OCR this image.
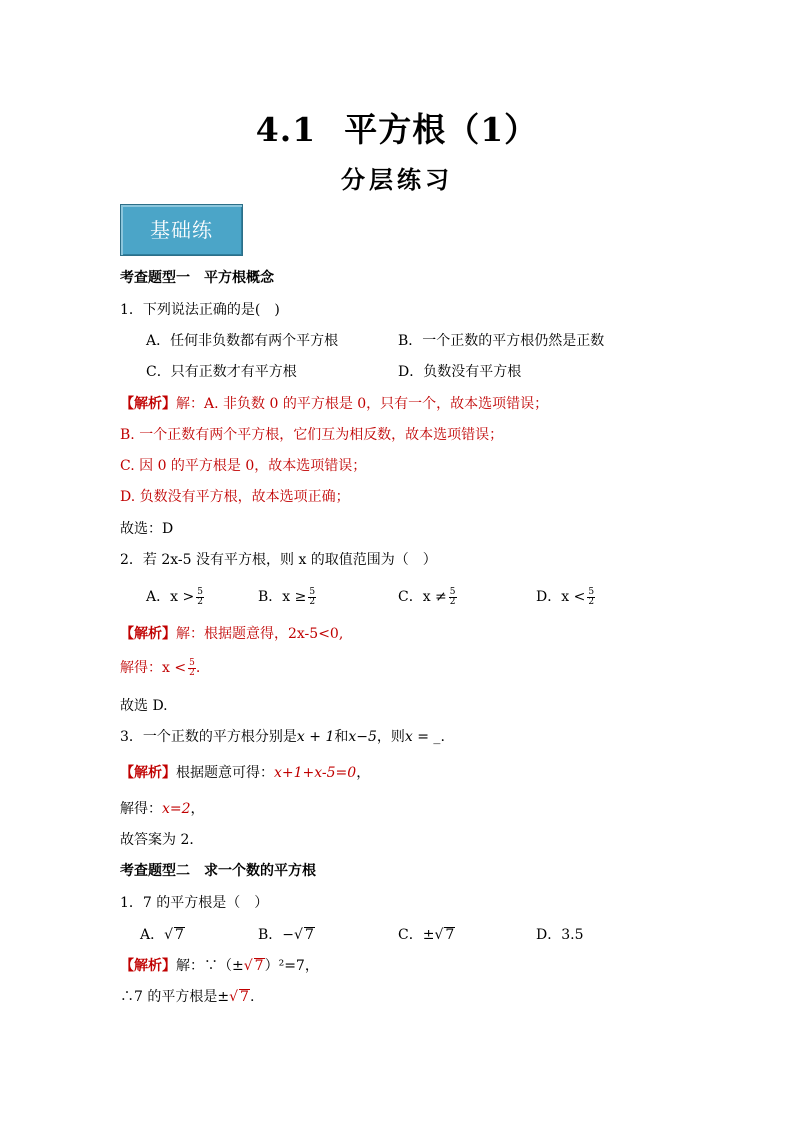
4.1 平方根（1）
分层练习
基础练
考查题型一　平方根概念
1．下列说法正确的是(　)
A．任何非负数都有两个平方根	B．一个正数的平方根仍然是正数
C．只有正数才有平方根	D．负数没有平方根
【解析】解：A. 非负数 0 的平方根是 0，只有一个，故本选项错误；
B. 一个正数有两个平方根，它们互为相反数，故本选项错误；
C. 因 0 的平方根是 0，故本选项错误；
D. 负数没有平方根，故本选项正确；
故选：D
2．若 2x-5 没有平方根，则 x 的取值范围为（　）
A．$x > \frac{5}{2}$	B．$x \ge \frac{5}{2}$	C．$x \ne \frac{5}{2}$	D．$x < \frac{5}{2}$
【解析】解：根据题意得，2x-5<0,
解得：$x < \frac{5}{2}$ .
故选 D.
3．一个正数的平方根分别是x + 1和x−5，则x = _.
【解析】根据题意可得：x+1+x-5=0，
解得：x=2，
故答案为 2．
考查题型二　求一个数的平方根
1．7 的平方根是（　）
A．√ 7	B．−√ 7	C．±√ 7	D．3.5
【解析】解：∵（±√ 7）²=7，
∴7 的平方根是±√ 7.
